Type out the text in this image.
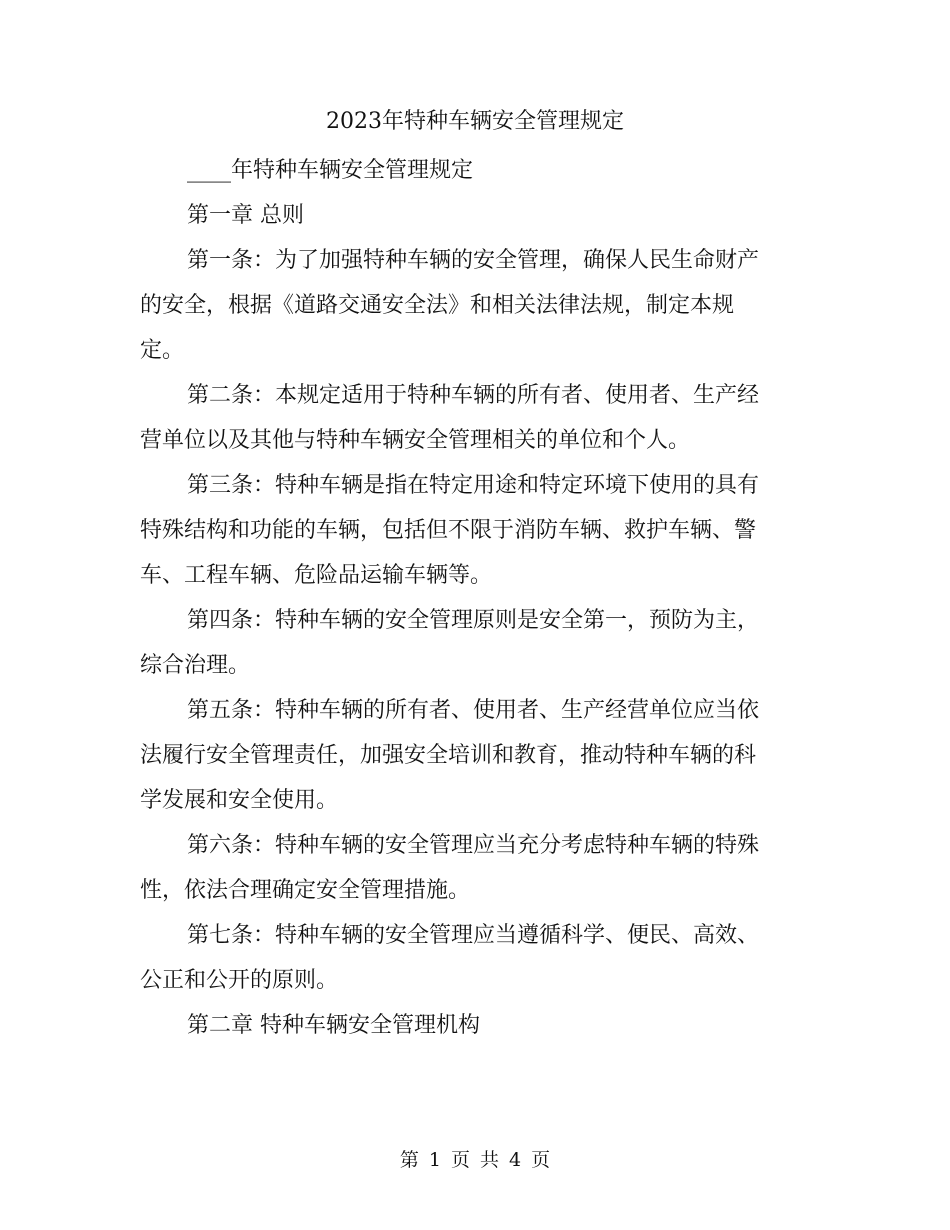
2023年特种车辆安全管理规定
____年特种车辆安全管理规定
第一章 总则
第一条：为了加强特种车辆的安全管理，确保人民生命财产
的安全，根据《道路交通安全法》和相关法律法规，制定本规
定。
第二条：本规定适用于特种车辆的所有者、使用者、生产经
营单位以及其他与特种车辆安全管理相关的单位和个人。
第三条：特种车辆是指在特定用途和特定环境下使用的具有
特殊结构和功能的车辆，包括但不限于消防车辆、救护车辆、警
车、工程车辆、危险品运输车辆等。
第四条：特种车辆的安全管理原则是安全第一，预防为主，
综合治理。
第五条：特种车辆的所有者、使用者、生产经营单位应当依
法履行安全管理责任，加强安全培训和教育，推动特种车辆的科
学发展和安全使用。
第六条：特种车辆的安全管理应当充分考虑特种车辆的特殊
性，依法合理确定安全管理措施。
第七条：特种车辆的安全管理应当遵循科学、便民、高效、
公正和公开的原则。
第二章 特种车辆安全管理机构
第 1 页 共 4 页
